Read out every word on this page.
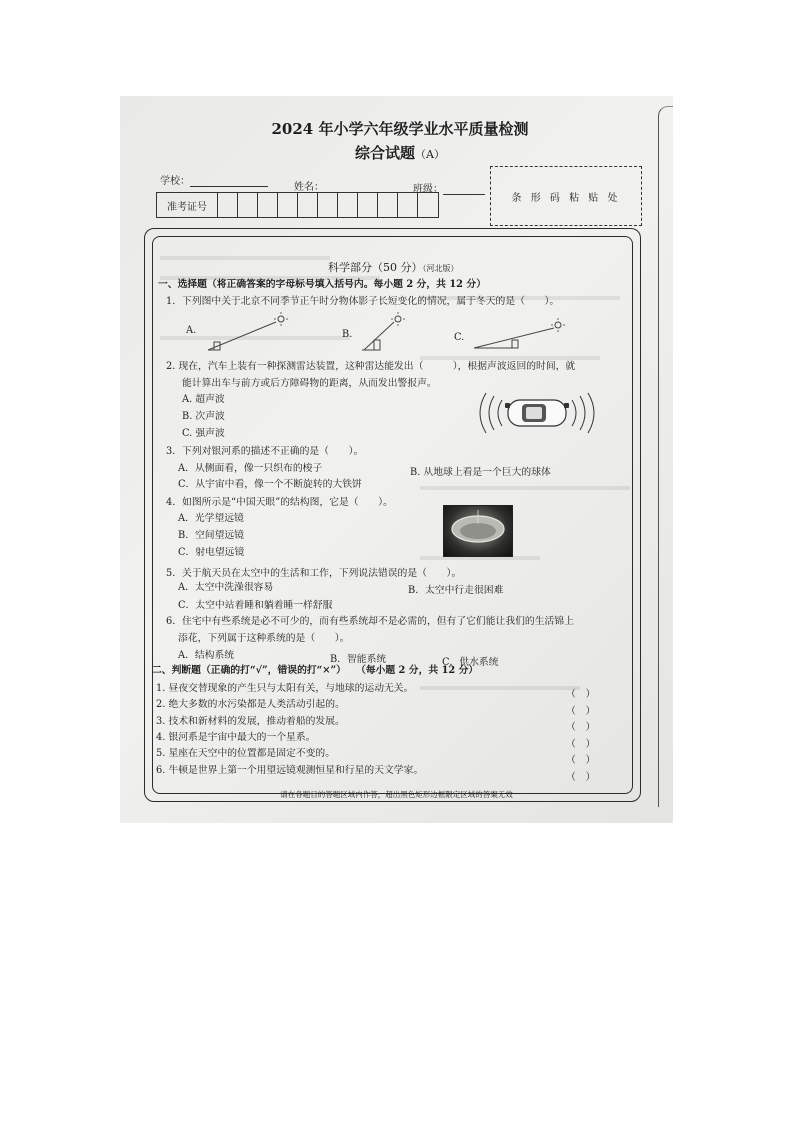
2024 年小学六年级学业水平质量检测
综合试题（A）
学校：
姓名：	班级：
准考证号
条 形 码 粘 贴 处
科学部分（50 分）（河北版）
一、选择题（将正确答案的字母标号填入括号内。每小题 2 分，共 12 分）
1．下列图中关于北京不同季节正午时分物体影子长短变化的情况，属于冬天的是（　　）。
A.	B.	C.
2. 现在，汽车上装有一种探测雷达装置，这种雷达能发出（　　　），根据声波返回的时间，就
能计算出车与前方或后方障碍物的距离，从而发出警报声。
A. 超声波
B. 次声波
C. 强声波
3．下列对银河系的描述不正确的是（　　）。
A．从侧面看，像一只织布的梭子	B. 从地球上看是一个巨大的球体
C．从宇宙中看，像一个不断旋转的大铁饼
4．如图所示是“中国天眼”的结构图，它是（　　）。
A．光学望远镜
B．空间望远镜
C．射电望远镜
5．关于航天员在太空中的生活和工作，下列说法错误的是（　　）。
A．太空中洗澡很容易	B．太空中行走很困难
C．太空中站着睡和躺着睡一样舒服
6．住宅中有些系统是必不可少的，而有些系统却不是必需的，但有了它们能让我们的生活锦上
添花，下列属于这种系统的是（　　）。
A．结构系统	B．智能系统	C．供水系统
二、判断题（正确的打“√”，错误的打“×”） （每小题 2 分，共 12 分）
1. 昼夜交替现象的产生只与太阳有关，与地球的运动无关。
2. 绝大多数的水污染都是人类活动引起的。
3. 技术和新材料的发展，推动着船的发展。
4. 银河系是宇宙中最大的一个星系。
5. 星座在天空中的位置都是固定不变的。
6. 牛顿是世界上第一个用望远镜观测恒星和行星的天文学家。
（　）
（　）
（　）
（　）
（　）
（　）
请在各题目的答题区域内作答，超出黑色矩形边框限定区域的答案无效
